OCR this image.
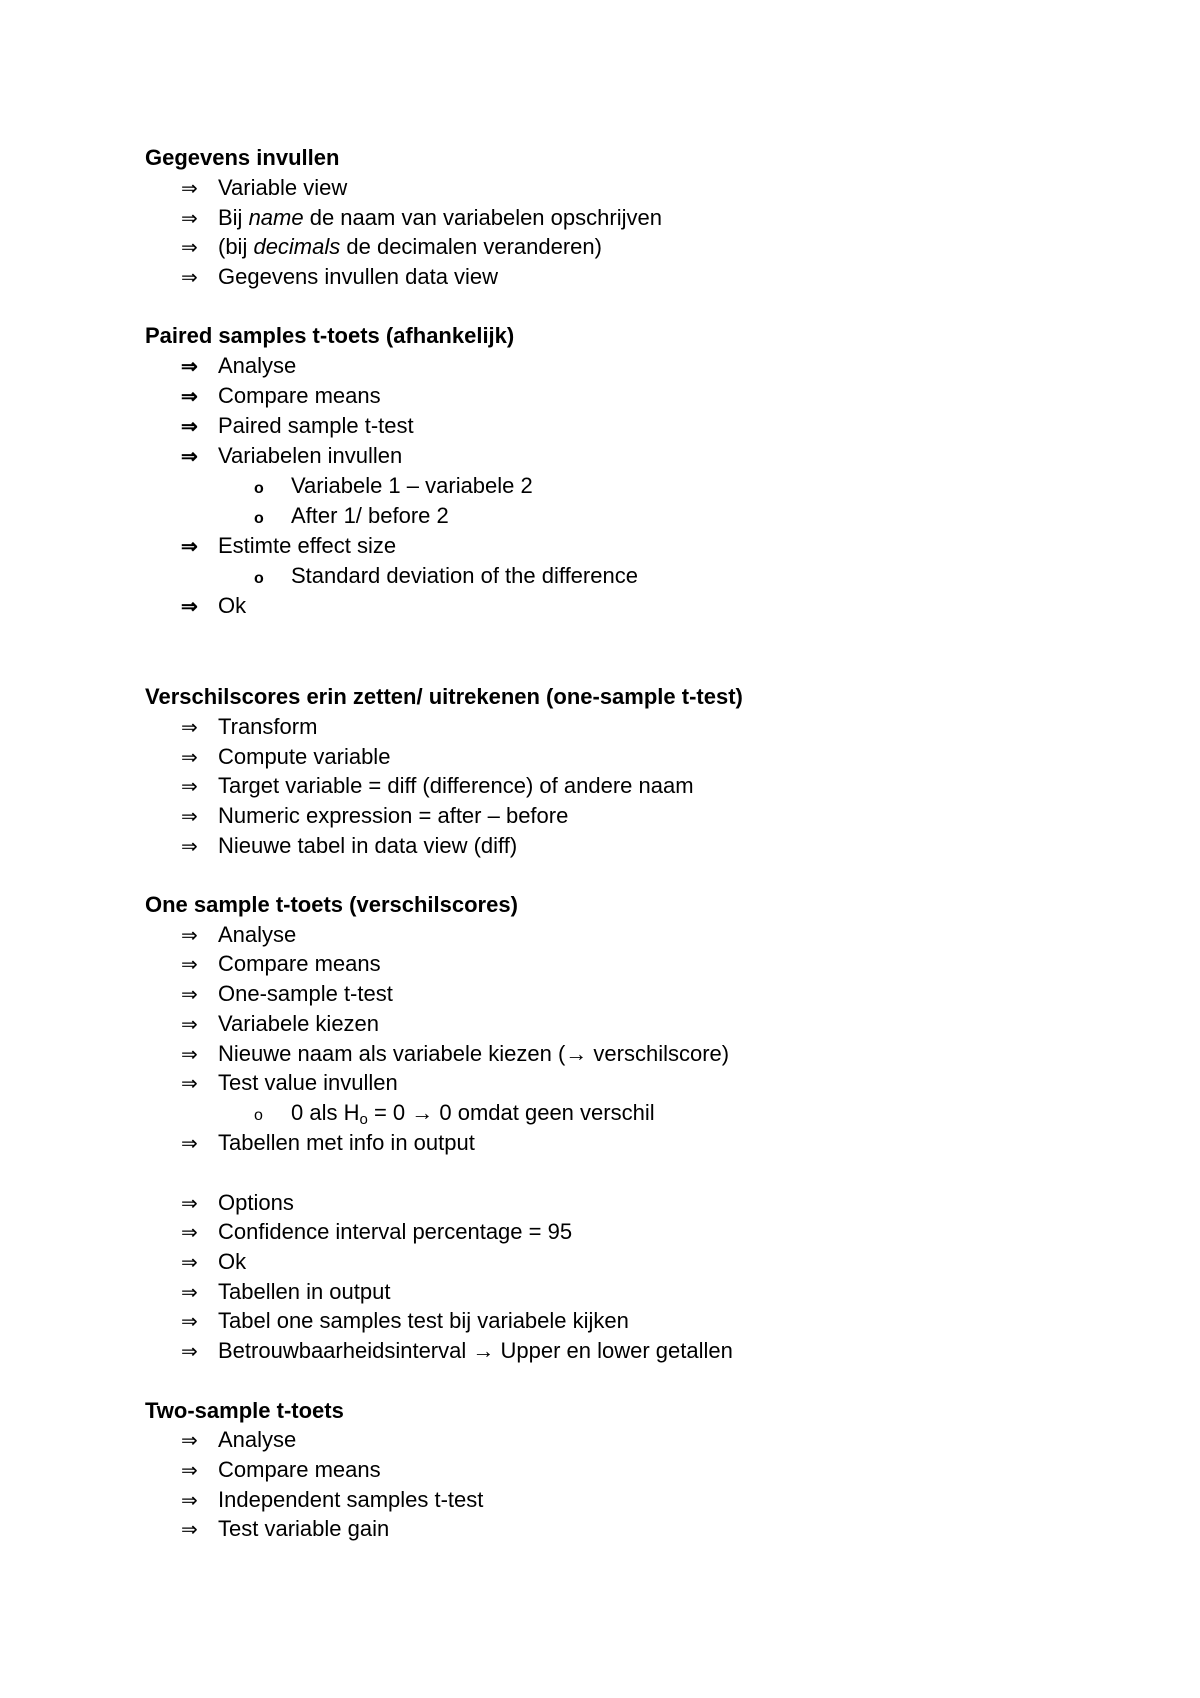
Gegevens invullen
⇒ Variable view
⇒ Bij name de naam van variabelen opschrijven
⇒ (bij decimals de decimalen veranderen)
⇒ Gegevens invullen data view
Paired samples t-toets (afhankelijk)
⇒ Analyse
⇒ Compare means
⇒ Paired sample t-test
⇒ Variabelen invullen
o Variabele 1 – variabele 2
o After 1/ before 2
⇒ Estimte effect size
o Standard deviation of the difference
⇒ Ok
Verschilscores erin zetten/ uitrekenen (one-sample t-test)
⇒ Transform
⇒ Compute variable
⇒ Target variable = diff (difference) of andere naam
⇒ Numeric expression = after – before
⇒ Nieuwe tabel in data view (diff)
One sample t-toets (verschilscores)
⇒ Analyse
⇒ Compare means
⇒ One-sample t-test
⇒ Variabele kiezen
⇒ Nieuwe naam als variabele kiezen (→ verschilscore)
⇒ Test value invullen
o 0 als $H_o = 0 \to 0$ omdat geen verschil
⇒ Tabellen met info in output
⇒ Options
⇒ Confidence interval percentage = 95
⇒ Ok
⇒ Tabellen in output
⇒ Tabel one samples test bij variabele kijken
⇒ Betrouwbaarheidsinterval → Upper en lower getallen
Two-sample t-toets
⇒ Analyse
⇒ Compare means
⇒ Independent samples t-test
⇒ Test variable gain
